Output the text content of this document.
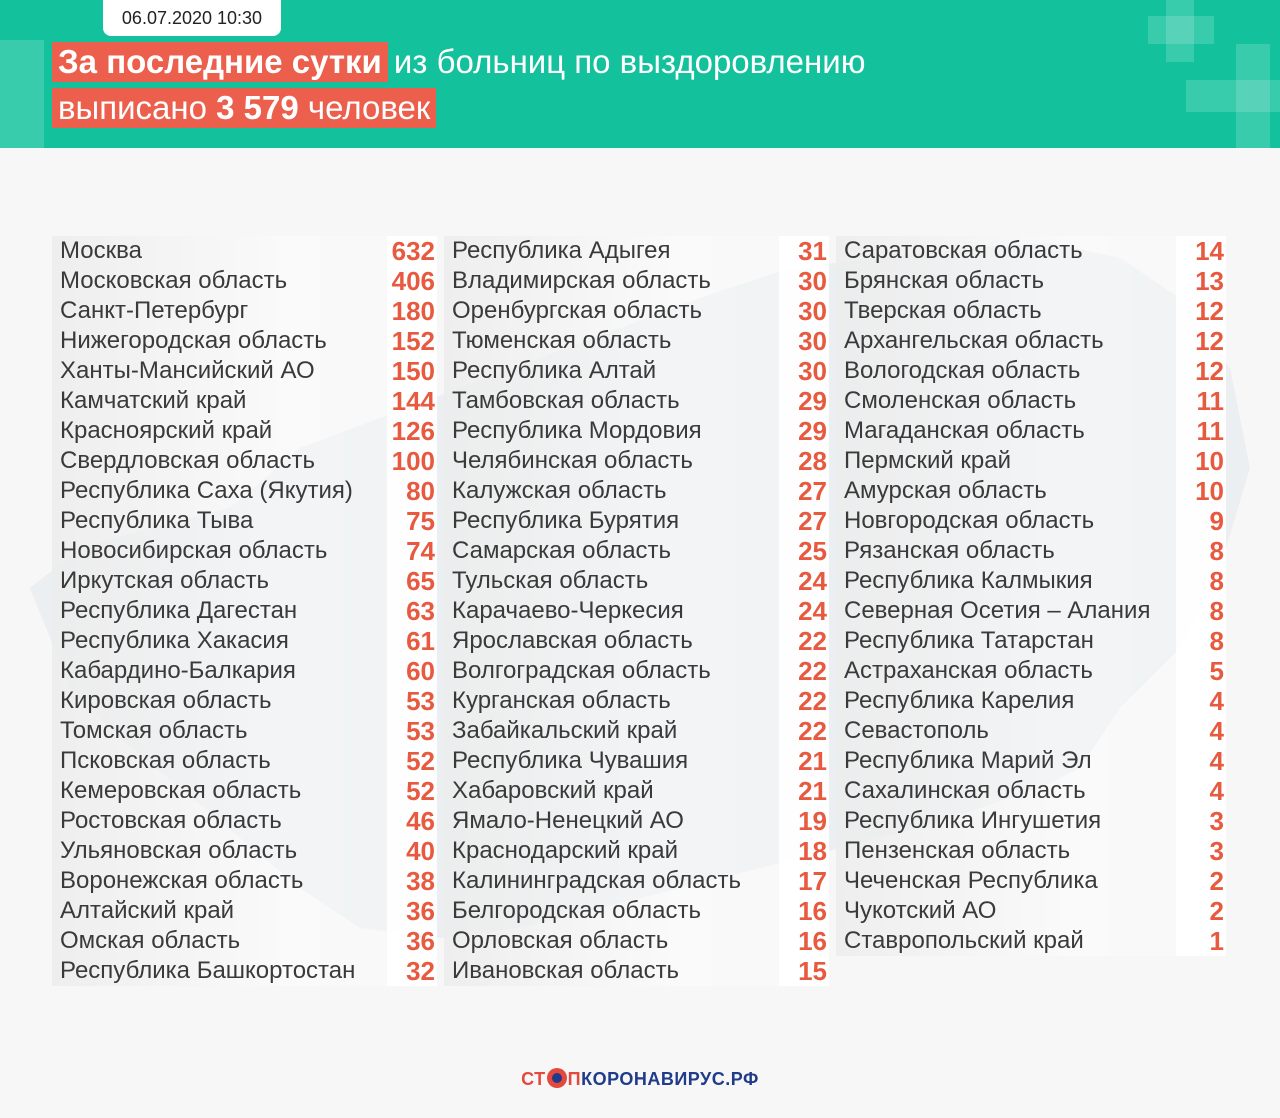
06.07.2020 10:30
За последние сутки из больниц по выздоровлению
выписано 3 579 человек
Москва	632
Московская область	406
Санкт-Петербург	180
Нижегородская область 152
Ханты-Мансийский АО	150
Камчатский край	144
Красноярский край	126
Свердловская область	100
Республика Саха (Якутия)	80
Республика Тыва	75
Новосибирская область	74
Иркутская область	65
Республика Дагестан	63
Республика Хакасия	61
Кабардино-Балкария	60
Кировская область	53
Томская область	53
Псковская область	52
Кемеровская область	52
Ростовская область	46
Ульяновская область	40
Воронежская область	38
Алтайский край	36
Омская область	36
Республика Башкортостан	32
Республика Адыгея	31
Владимирская область	30
Оренбургская область	30
Тюменская область	30
Республика Алтай	30
Тамбовская область	29
Республика Мордовия	29
Челябинская область	28
Калужская область	27
Республика Бурятия	27
Самарская область	25
Тульская область	24
Карачаево-Черкесия	24
Ярославская область	22
Волгоградская область	22
Курганская область	22
Забайкальский край	22
Республика Чувашия	21
Хабаровский край	21
Ямало-Ненецкий АО	19
Краснодарский край	18
Калининградская область	17
Белгородская область	16
Орловская область	16
Ивановская область	15
Саратовская область	14
Брянская область	13
Тверская область	12
Архангельская область	12
Вологодская область	12
Смоленская область	11
Магаданская область	11
Пермский край	10
Амурская область	10
Новгородская область	9
Рязанская область	8
Республика Калмыкия	8
Северная Осетия – Алания	8
Республика Татарстан	8
Астраханская область	5
Республика Карелия	4
Севастополь	4
Республика Марий Эл	4
Сахалинская область	4
Республика Ингушетия	3
Пензенская область	3
Чеченская Республика	2
Чукотский АО	2
Ставропольский край	1
СТ ПКОРОНАВИРУС.РФ
